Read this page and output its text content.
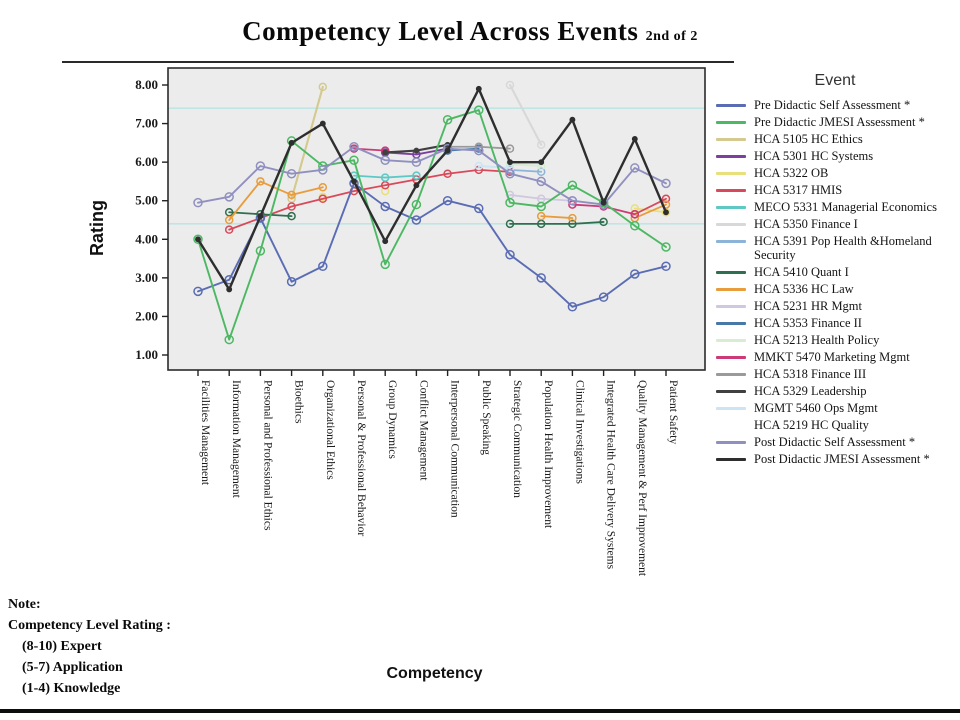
Competency Level Across Events 2nd of 2
1.00
2.00
3.00
4.00
5.00
6.00
7.00
8.00
Facilities Management Information Management Personal and Professional Ethics Bioethics Organizational Ethics Personal & Professional Behavior Group Dynamics Conflict Management Interpersonal Communication Public Speaking Strategic Communication Population Health Improvement Clinical Investigations Integrated Health Care Delivery Systems Quality Management & Perf Improvement Patient Safety
Rating
Competency
Event
Pre Didactic Self Assessment *
Pre Didactic JMESI Assessment *
HCA 5105 HC Ethics
HCA 5301 HC Systems
HCA 5322 OB
HCA 5317 HMIS
MECO 5331 Managerial Economics
HCA 5350 Finance I
HCA 5391 Pop Health &Homeland Security
HCA 5410 Quant I
HCA 5336 HC Law
HCA 5231 HR Mgmt
HCA 5353 Finance II
HCA 5213 Health Policy
MMKT 5470 Marketing Mgmt
HCA 5318 Finance III
HCA 5329 Leadership
MGMT 5460 Ops Mgmt
HCA 5219 HC Quality
Post Didactic Self Assessment *
Post Didactic JMESI Assessment *
Note:
Competency Level Rating :
(8-10) Expert
(5-7) Application
(1-4) Knowledge
